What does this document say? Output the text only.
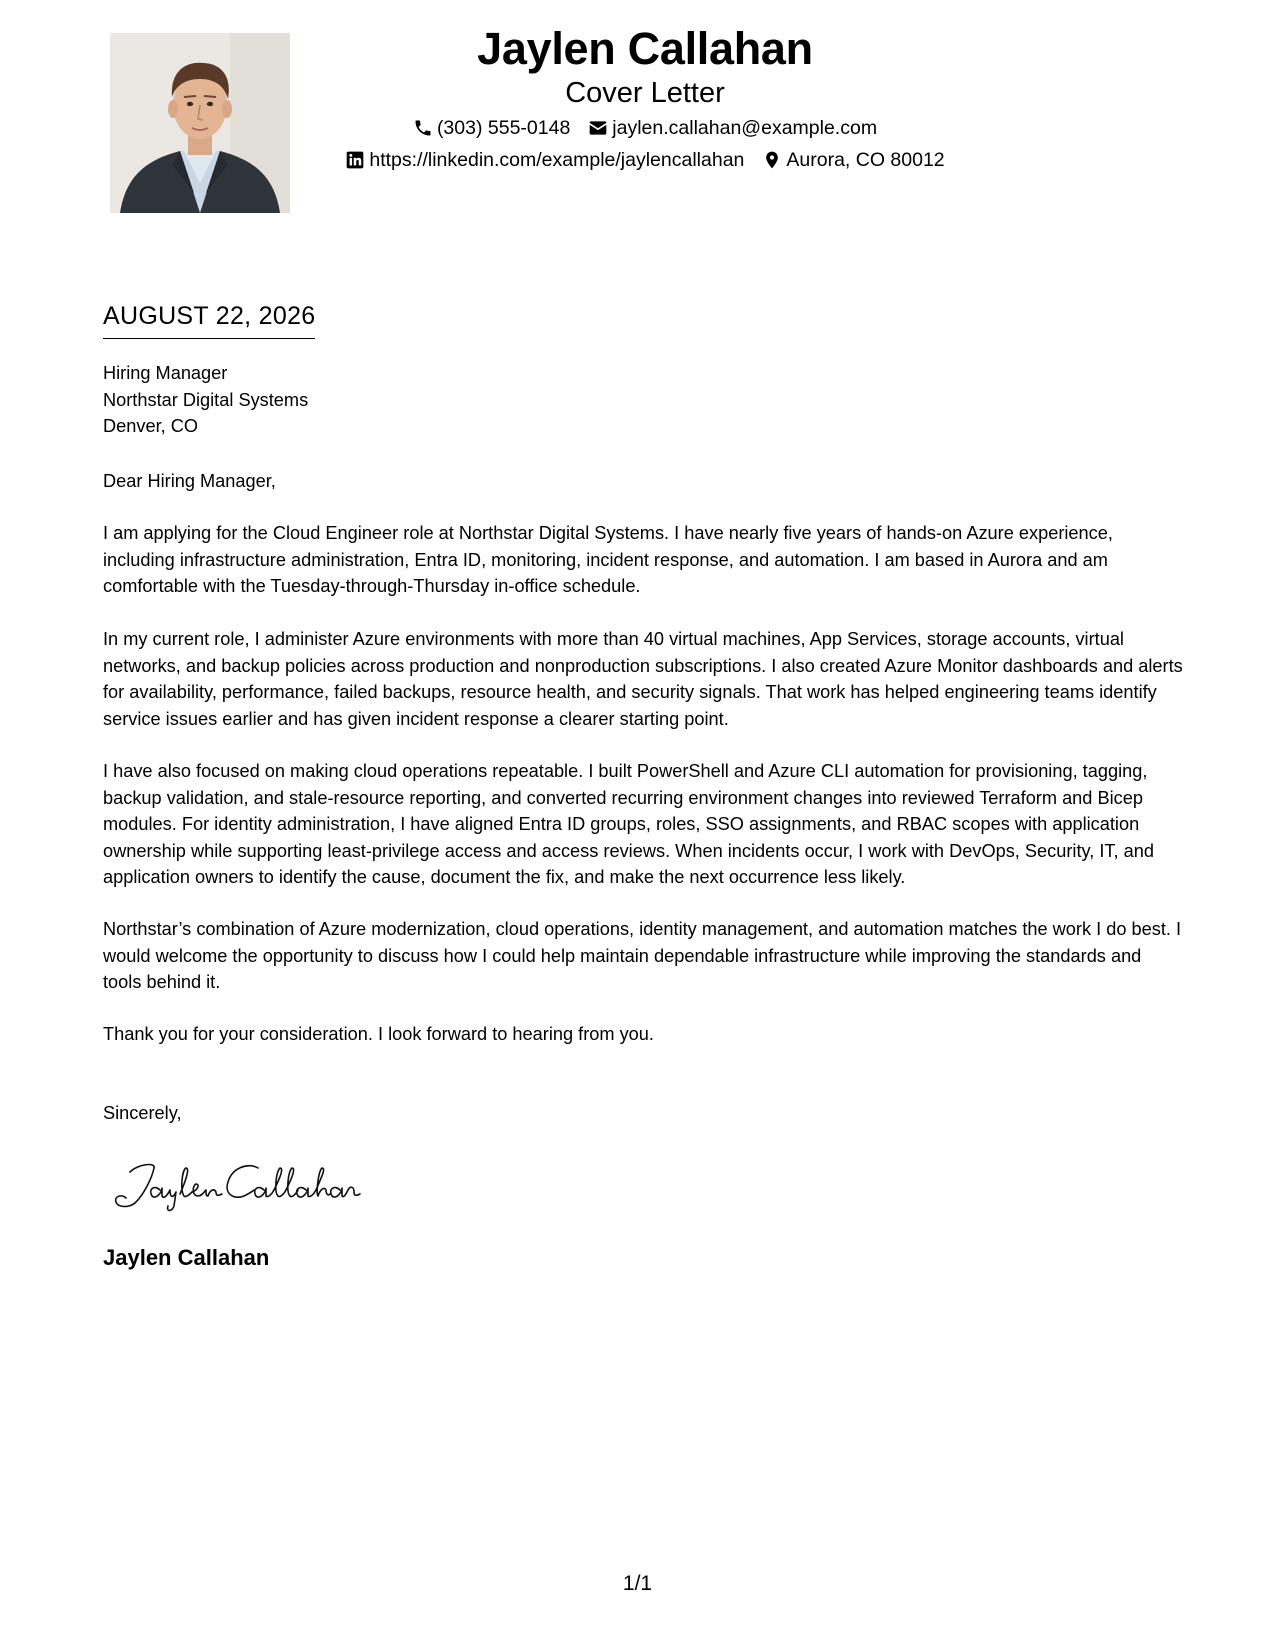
Jaylen Callahan
Cover Letter
(303) 555-0148 jaylen.callahan@example.com
https://linkedin.com/example/jaylencallahan Aurora, CO 80012
AUGUST 22, 2026
Hiring Manager
Northstar Digital Systems
Denver, CO
Dear Hiring Manager,
I am applying for the Cloud Engineer role at Northstar Digital Systems. I have nearly five years of hands-on Azure experience, including infrastructure administration, Entra ID, monitoring, incident response, and automation. I am based in Aurora and am comfortable with the Tuesday-through-Thursday in-office schedule.
In my current role, I administer Azure environments with more than 40 virtual machines, App Services, storage accounts, virtual networks, and backup policies across production and nonproduction subscriptions. I also created Azure Monitor dashboards and alerts for availability, performance, failed backups, resource health, and security signals. That work has helped engineering teams identify service issues earlier and has given incident response a clearer starting point.
I have also focused on making cloud operations repeatable. I built PowerShell and Azure CLI automation for provisioning, tagging, backup validation, and stale-resource reporting, and converted recurring environment changes into reviewed Terraform and Bicep modules. For identity administration, I have aligned Entra ID groups, roles, SSO assignments, and RBAC scopes with application ownership while supporting least-privilege access and access reviews. When incidents occur, I work with DevOps, Security, IT, and application owners to identify the cause, document the fix, and make the next occurrence less likely.
Northstar’s combination of Azure modernization, cloud operations, identity management, and automation matches the work I do best. I would welcome the opportunity to discuss how I could help maintain dependable infrastructure while improving the standards and tools behind it.
Thank you for your consideration. I look forward to hearing from you.
Sincerely,
Jaylen Callahan
1/1
